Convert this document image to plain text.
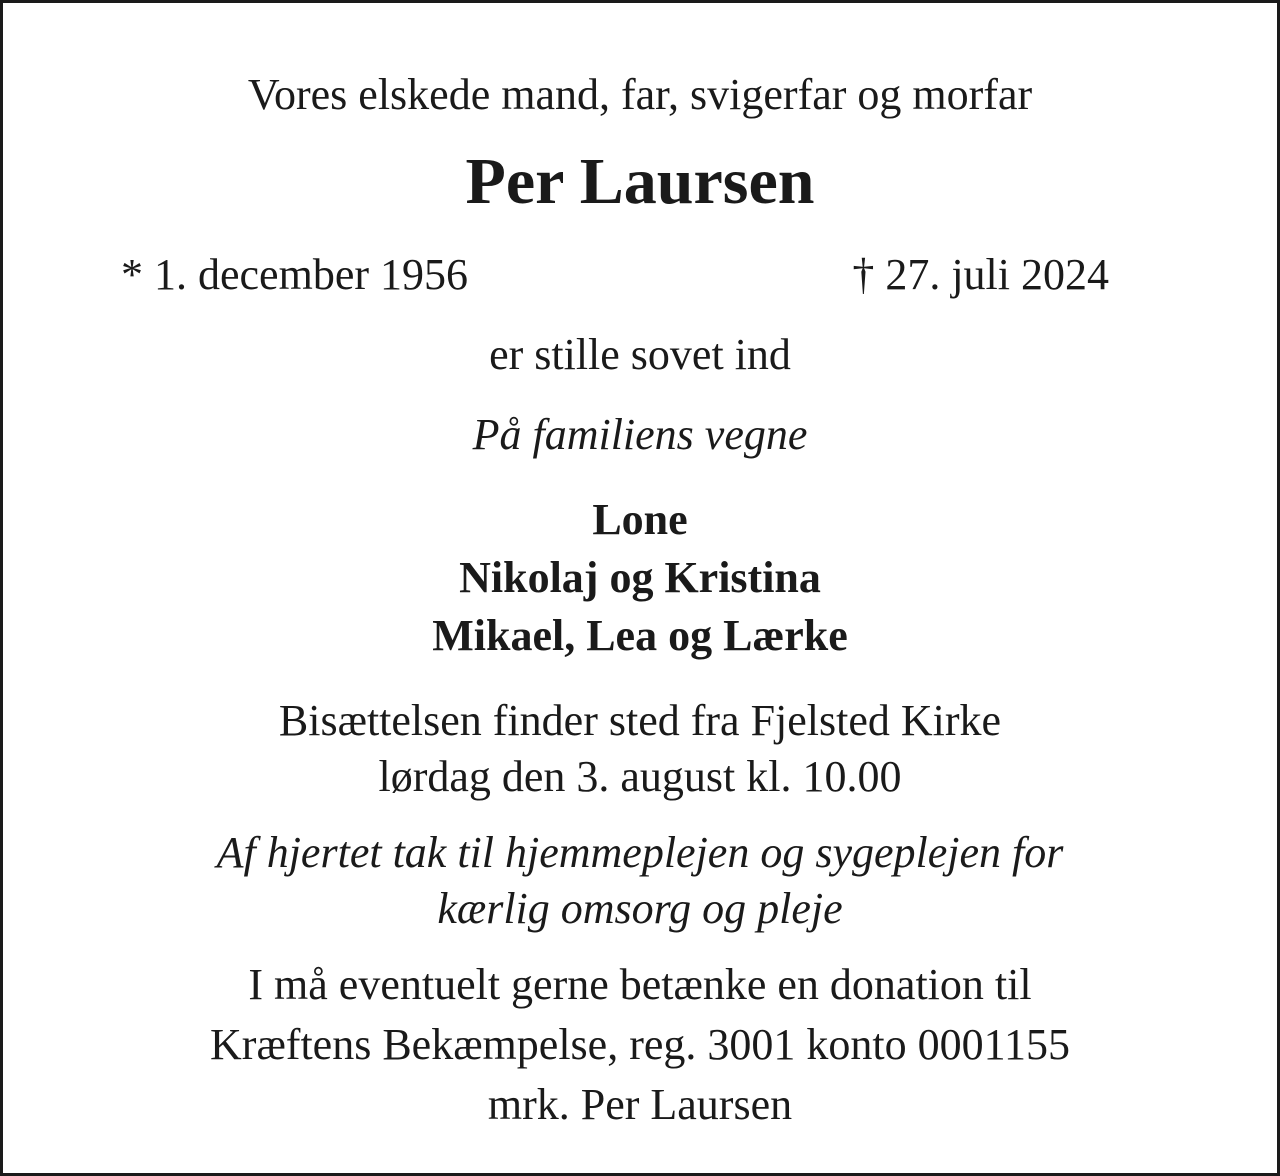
Vores elskede mand, far, svigerfar og morfar
Per Laursen
* 1. december 1956	† 27. juli 2024
er stille sovet ind
På familiens vegne
Lone
Nikolaj og Kristina
Mikael, Lea og Lærke
Bisættelsen finder sted fra Fjelsted Kirke
lørdag den 3. august kl. 10.00
Af hjertet tak til hjemmeplejen og sygeplejen for
kærlig omsorg og pleje
I må eventuelt gerne betænke en donation til
Kræftens Bekæmpelse, reg. 3001 konto 0001155
mrk. Per Laursen
